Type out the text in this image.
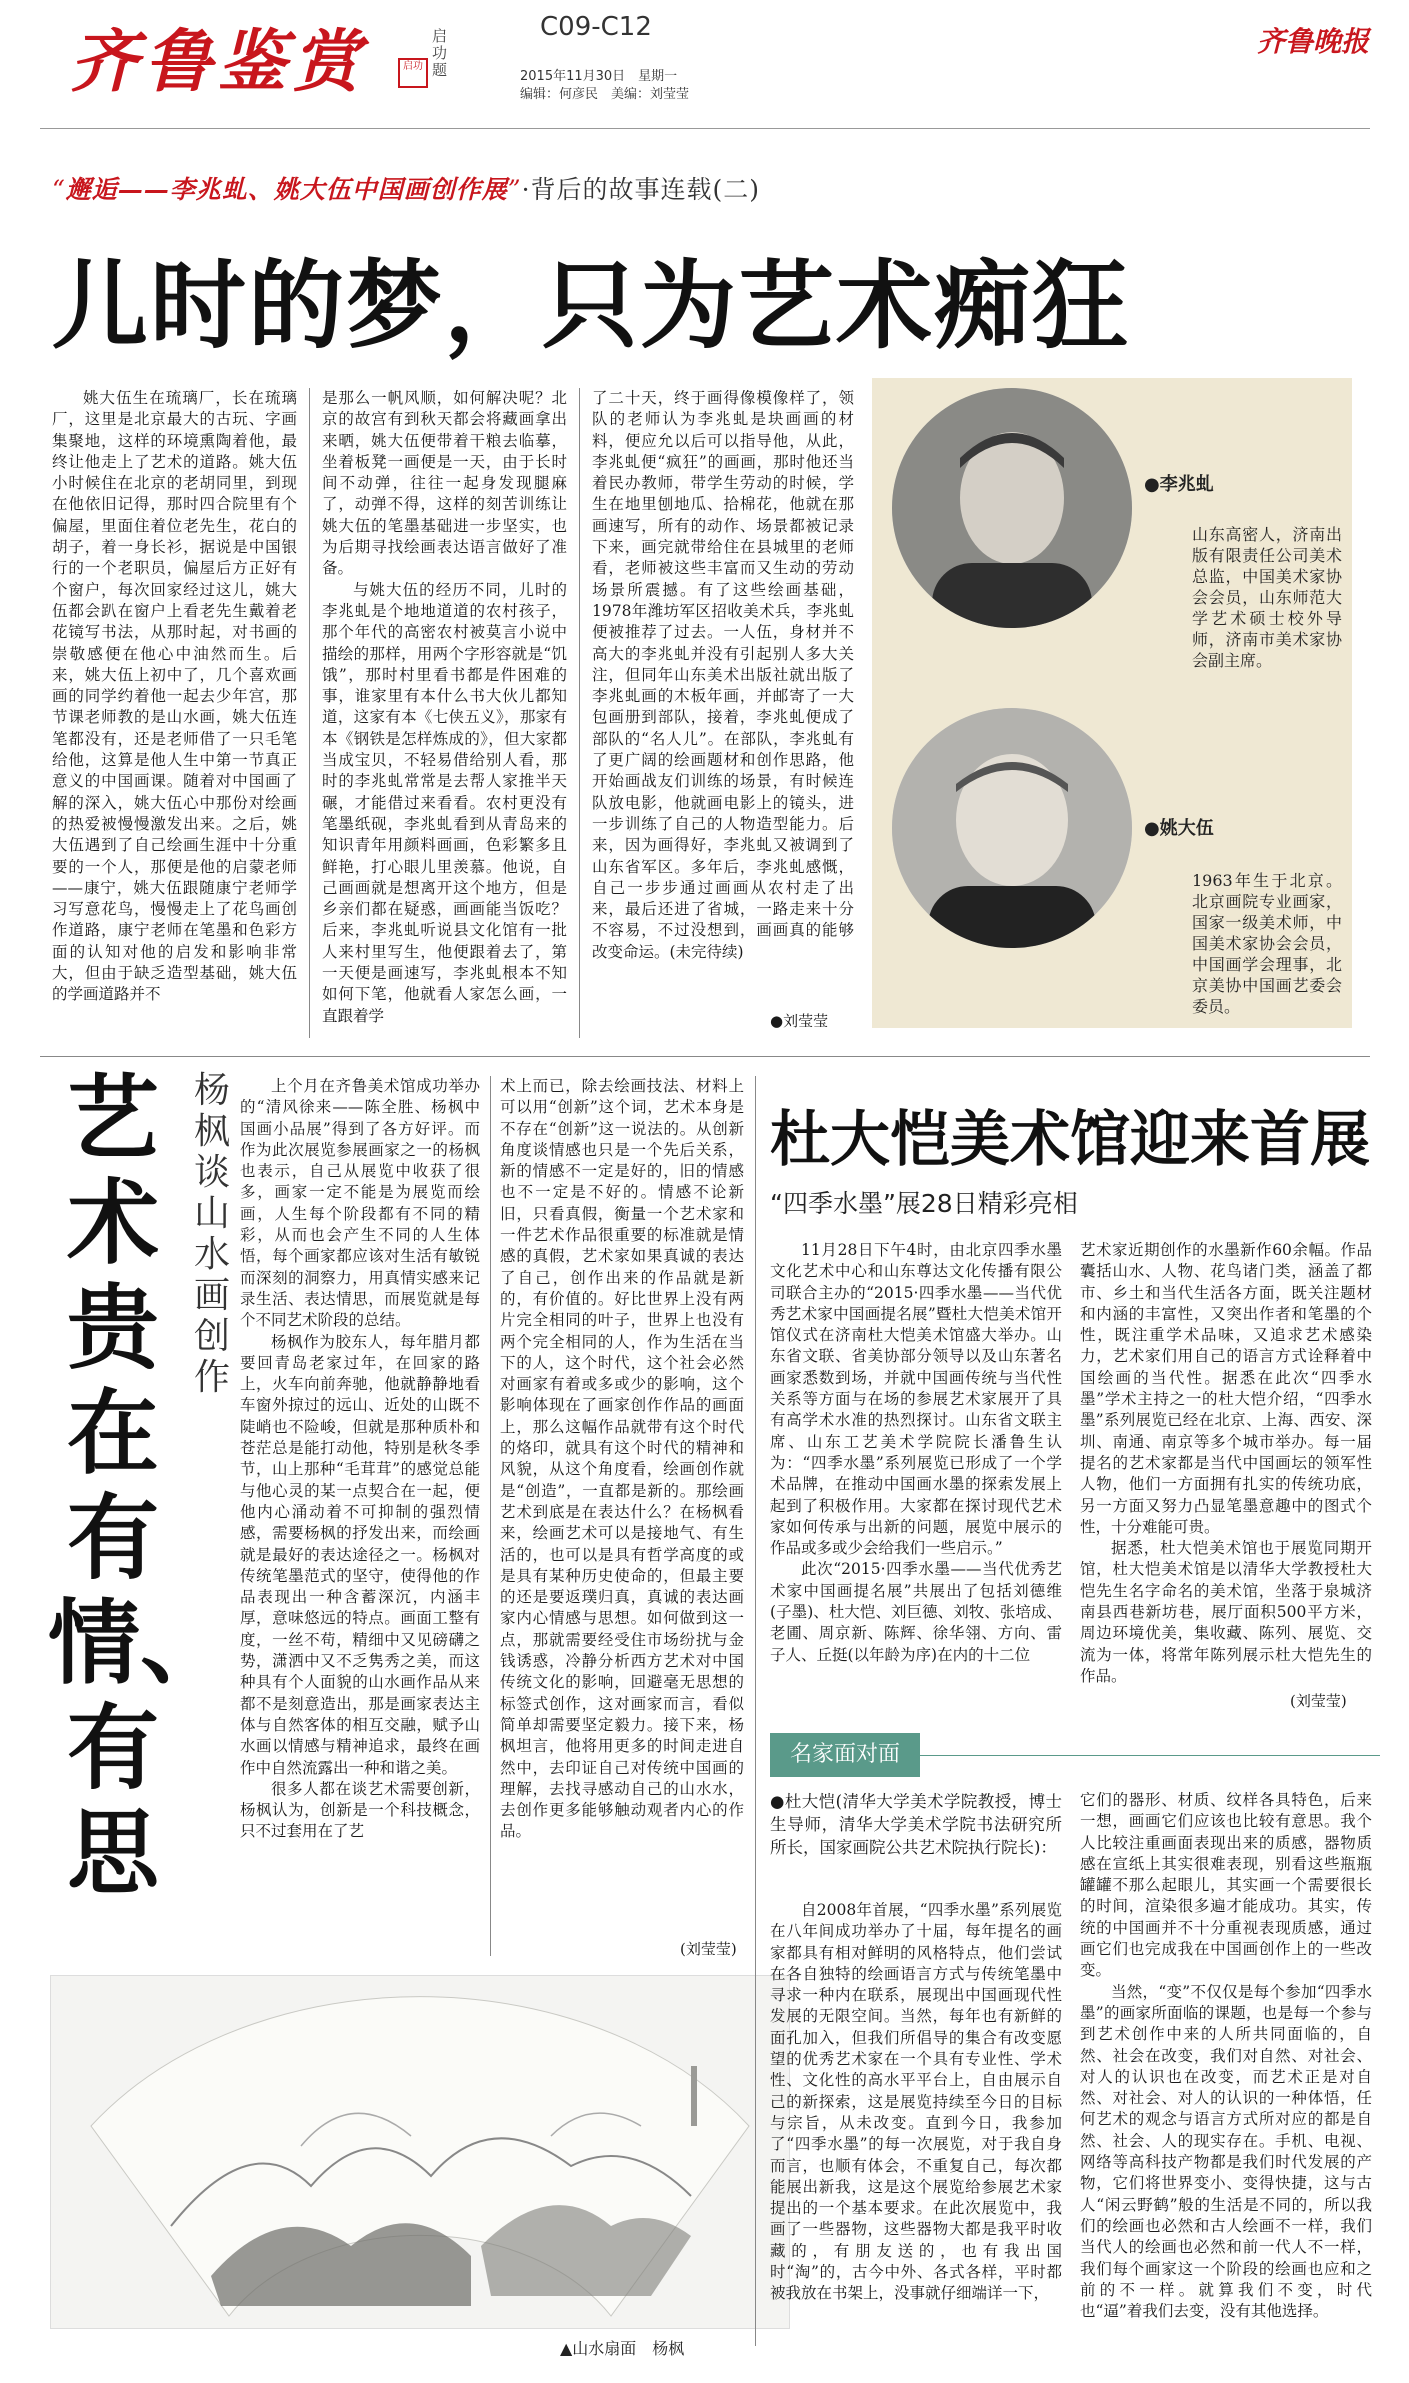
齐鲁鉴赏	启功题
启功
C09-C12
2015年11月30日　星期一
编辑：何彦民　美编：刘莹莹
齐鲁晚报
“邂逅——李兆虬、姚大伍中国画创作展”·背后的故事连载(二)
儿时的梦，只为艺术痴狂

姚大伍生在琉璃厂，长在琉璃厂，这里是北京最大的古玩、字画集聚地，这样的环境熏陶着他，最终让他走上了艺术的道路。姚大伍小时候住在北京的老胡同里，到现在他依旧记得，那时四合院里有个偏屋，里面住着位老先生，花白的胡子，着一身长衫，据说是中国银行的一个老职员，偏屋后方正好有个窗户，每次回家经过这儿，姚大伍都会趴在窗户上看老先生戴着老花镜写书法，从那时起，对书画的崇敬感便在他心中油然而生。后来，姚大伍上初中了，几个喜欢画画的同学约着他一起去少年宫，那节课老师教的是山水画，姚大伍连笔都没有，还是老师借了一只毛笔给他，这算是他人生中第一节真正意义的中国画课。随着对中国画了解的深入，姚大伍心中那份对绘画的热爱被慢慢激发出来。之后，姚大伍遇到了自己绘画生涯中十分重要的一个人，那便是他的启蒙老师——康宁，姚大伍跟随康宁老师学习写意花鸟，慢慢走上了花鸟画创作道路，康宁老师在笔墨和色彩方面的认知对他的启发和影响非常大，但由于缺乏造型基础，姚大伍的学画道路并不

是那么一帆风顺，如何解决呢？北京的故宫有到秋天都会将藏画拿出来晒，姚大伍便带着干粮去临摹，坐着板凳一画便是一天，由于长时间不动弹，往往一起身发现腿麻了，动弹不得，这样的刻苦训练让姚大伍的笔墨基础进一步坚实，也为后期寻找绘画表达语言做好了准备。

与姚大伍的经历不同，儿时的李兆虬是个地地道道的农村孩子，那个年代的高密农村被莫言小说中描绘的那样，用两个字形容就是“饥饿”，那时村里看书都是件困难的事，谁家里有本什么书大伙儿都知道，这家有本《七侠五义》，那家有本《钢铁是怎样炼成的》，但大家都当成宝贝，不轻易借给别人看，那时的李兆虬常常是去帮人家推半天碾，才能借过来看看。农村更没有笔墨纸砚，李兆虬看到从青岛来的知识青年用颜料画画，色彩繁多且鲜艳，打心眼儿里羡慕。他说，自己画画就是想离开这个地方，但是乡亲们都在疑惑，画画能当饭吃？后来，李兆虬听说县文化馆有一批人来村里写生，他便跟着去了，第一天便是画速写，李兆虬根本不知如何下笔，他就看人家怎么画，一直跟着学

了二十天，终于画得像模像样了，领队的老师认为李兆虬是块画画的材料，便应允以后可以指导他，从此，李兆虬便“疯狂”的画画，那时他还当着民办教师，带学生劳动的时候，学生在地里刨地瓜、拾棉花，他就在那画速写，所有的动作、场景都被记录下来，画完就带给住在县城里的老师看，老师被这些丰富而又生动的劳动场景所震撼。有了这些绘画基础，1978年潍坊军区招收美术兵，李兆虬便被推荐了过去。一人伍，身材并不高大的李兆虬并没有引起别人多大关注，但同年山东美术出版社就出版了李兆虬画的木板年画，并邮寄了一大包画册到部队，接着，李兆虬便成了部队的“名人儿”。在部队，李兆虬有了更广阔的绘画题材和创作思路，他开始画战友们训练的场景，有时候连队放电影，他就画电影上的镜头，进一步训练了自己的人物造型能力。后来，因为画得好，李兆虬又被调到了山东省军区。多年后，李兆虬感慨，自己一步步通过画画从农村走了出来，最后还进了省城，一路走来十分不容易，不过没想到，画画真的能够改变命运。(未完待续)

●刘莹莹
●李兆虬
山东高密人，济南出版有限责任公司美术总监，中国美术家协会会员，山东师范大学艺术硕士校外导师，济南市美术家协会副主席。
●姚大伍
1963年生于北京。北京画院专业画家，国家一级美术师，中国美术家协会会员，中国画学会理事，北京美协中国画艺委会委员。
艺术贵在有情、有思
杨枫谈山水画创作

上个月在齐鲁美术馆成功举办的“清风徐来——陈全胜、杨枫中国画小品展”得到了各方好评。而作为此次展览参展画家之一的杨枫也表示，自己从展览中收获了很多，画家一定不能是为展览而绘画，人生每个阶段都有不同的精彩，从而也会产生不同的人生体悟，每个画家都应该对生活有敏锐而深刻的洞察力，用真情实感来记录生活、表达情思，而展览就是每个不同艺术阶段的总结。

杨枫作为胶东人，每年腊月都要回青岛老家过年，在回家的路上，火车向前奔驰，他就静静地看车窗外掠过的远山、近处的山既不陡峭也不险峻，但就是那种质朴和苍茫总是能打动他，特别是秋冬季节，山上那种“毛茸茸”的感觉总能与他心灵的某一点契合在一起，便他内心涌动着不可抑制的强烈情感，需要杨枫的抒发出来，而绘画就是最好的表达途径之一。杨枫对传统笔墨范式的坚守，使得他的作品表现出一种含蓄深沉，内涵丰厚，意味悠远的特点。画面工整有度，一丝不苟，精细中又见磅礴之势，潇洒中又不乏隽秀之美，而这种具有个人面貌的山水画作品从来都不是刻意造出，那是画家表达主体与自然客体的相互交融，赋予山水画以情感与精神追求，最终在画作中自然流露出一种和谐之美。

很多人都在谈艺术需要创新，杨枫认为，创新是一个科技概念，只不过套用在了艺

术上而已，除去绘画技法、材料上可以用“创新”这个词，艺术本身是不存在“创新”这一说法的。从创新角度谈情感也只是一个先后关系，新的情感不一定是好的，旧的情感也不一定是不好的。情感不论新旧，只看真假，衡量一个艺术家和一件艺术作品很重要的标准就是情感的真假，艺术家如果真诚的表达了自己，创作出来的作品就是新的，有价值的。好比世界上没有两片完全相同的叶子，世界上也没有两个完全相同的人，作为生活在当下的人，这个时代，这个社会必然对画家有着或多或少的影响，这个影响体现在了画家创作作品的画面上，那么这幅作品就带有这个时代的烙印，就具有这个时代的精神和风貌，从这个角度看，绘画创作就是“创造”，一直都是新的。那绘画艺术到底是在表达什么？在杨枫看来，绘画艺术可以是接地气、有生活的，也可以是具有哲学高度的或是具有某种历史使命的，但最主要的还是要返璞归真，真诚的表达画家内心情感与思想。如何做到这一点，那就需要经受住市场纷扰与金钱诱惑，冷静分析西方艺术对中国传统文化的影响，回避毫无思想的标签式创作，这对画家而言，看似简单却需要坚定毅力。接下来，杨枫坦言，他将用更多的时间走进自然中，去印证自己对传统中国画的理解，去找寻感动自己的山水水，去创作更多能够触动观者内心的作品。

(刘莹莹)
▲山水扇面　杨枫
杜大恺美术馆迎来首展
“四季水墨”展28日精彩亮相

11月28日下午4时，由北京四季水墨文化艺术中心和山东尊达文化传播有限公司联合主办的“2015·四季水墨——当代优秀艺术家中国画提名展”暨杜大恺美术馆开馆仪式在济南杜大恺美术馆盛大举办。山东省文联、省美协部分领导以及山东著名画家悉数到场，并就中国画传统与当代性关系等方面与在场的参展艺术家展开了具有高学术水准的热烈探讨。山东省文联主席、山东工艺美术学院院长潘鲁生认为：“四季水墨”系列展览已形成了一个学术品牌，在推动中国画水墨的探索发展上起到了积极作用。大家都在探讨现代艺术家如何传承与出新的问题，展览中展示的作品或多或少会给我们一些启示。”

此次“2015·四季水墨——当代优秀艺术家中国画提名展”共展出了包括刘德维(子墨)、杜大恺、刘巨德、刘牧、张培成、老圃、周京新、陈辉、徐华翎、方向、雷子人、丘挺(以年龄为序)在内的十二位

艺术家近期创作的水墨新作60余幅。作品囊括山水、人物、花鸟诸门类，涵盖了都市、乡土和当代生活各方面，既关注题材和内涵的丰富性，又突出作者和笔墨的个性，既注重学术品味，又追求艺术感染力，艺术家们用自己的语言方式诠释着中国绘画的当代性。据悉在此次“四季水墨”学术主持之一的杜大恺介绍，“四季水墨”系列展览已经在北京、上海、西安、深圳、南通、南京等多个城市举办。每一届提名的艺术家都是当代中国画坛的领军性人物，他们一方面拥有扎实的传统功底，另一方面又努力凸显笔墨意趣中的图式个性，十分难能可贵。

据悉，杜大恺美术馆也于展览同期开馆，杜大恺美术馆是以清华大学教授杜大恺先生名字命名的美术馆，坐落于泉城济南县西巷新坊巷，展厅面积500平方米，周边环境优美，集收藏、陈列、展览、交流为一体，将常年陈列展示杜大恺先生的作品。

(刘莹莹)
名家面对面
●杜大恺(清华大学美术学院教授，博士生导师，清华大学美术学院书法研究所所长，国家画院公共艺术院执行院长)：

自2008年首展，“四季水墨”系列展览在八年间成功举办了十届，每年提名的画家都具有相对鲜明的风格特点，他们尝试在各自独特的绘画语言方式与传统笔墨中寻求一种内在联系，展现出中国画现代性发展的无限空间。当然，每年也有新鲜的面孔加入，但我们所倡导的集合有改变愿望的优秀艺术家在一个具有专业性、学术性、文化性的高水平平台上，自由展示自己的新探索，这是展览持续至今日的目标与宗旨，从未改变。直到今日，我参加了“四季水墨”的每一次展览，对于我自身而言，也顺有体会，不重复自己，每次都能展出新我，这是这个展览给参展艺术家提出的一个基本要求。在此次展览中，我画了一些器物，这些器物大都是我平时收藏的，有朋友送的，也有我出国时“淘”的，古今中外、各式各样，平时都被我放在书架上，没事就仔细端详一下，

它们的器形、材质、纹样各具特色，后来一想，画画它们应该也比较有意思。我个人比较注重画面表现出来的质感，器物质感在宣纸上其实很难表现，别看这些瓶瓶罐罐不那么起眼儿，其实画一个需要很长的时间，渲染很多遍才能成功。其实，传统的中国画并不十分重视表现质感，通过画它们也完成我在中国画创作上的一些改变。

当然，“变”不仅仅是每个参加“四季水墨”的画家所面临的课题，也是每一个参与到艺术创作中来的人所共同面临的，自然、社会在改变，我们对自然、对社会、对人的认识也在改变，而艺术正是对自然、对社会、对人的认识的一种体悟，任何艺术的观念与语言方式所对应的都是自然、社会、人的现实存在。手机、电视、网络等高科技产物都是我们时代发展的产物，它们将世界变小、变得快捷，这与古人“闲云野鹤”般的生活是不同的，所以我们的绘画也必然和古人绘画不一样，我们当代人的绘画也必然和前一代人不一样，我们每个画家这一个阶段的绘画也应和之前的不一样。就算我们不变，时代也“逼”着我们去变，没有其他选择。
